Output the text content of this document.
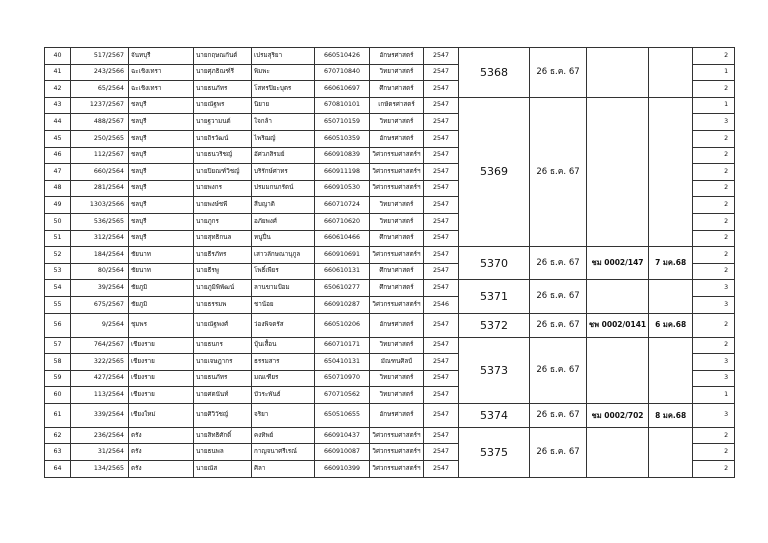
40	517/2567	จันทบุรี	นายกฤษณกันต์	เปรมสุริยา	660510426	อักษรศาสตร์	2547	5368	26 ธ.ค. 67			2
41	243/2566	ฉะเชิงเทรา	นายศุภธิณฑ์รี	พิมพะ	670710840	วิทยาศาสตร์	2547					1
42	65/2564	ฉะเชิงเทรา	นายธนภัทร	โสทรปิยะบุตร	660610697	ศึกษาศาสตร์	2547					2
43	1237/2567	ชลบุรี	นายณัฐพร	นิยาย	670810101	เกษัตรศาสตร์	2547	5369	26 ธ.ค. 67			1
44	488/2567	ชลบุรี	นายฐวามนต์	ใจกล้า	650710159	วิทยาศาสตร์	2547					3
45	250/2565	ชลบุรี	นายถิรวัฒน์	ไพริฌญ์	660510359	อักษรศาสตร์	2547					2
46	112/2567	ชลบุรี	นายธนวริชญ์	อัศวภสิรมย์	660910839	วิศวกรรมศาสตร์ฯ	2547					2
47	660/2564	ชลบุรี	นายปิยณฑ์วิชญ์	บริรักษ์ศาทร	660911198	วิศวกรรมศาสตร์ฯ	2547					2
48	281/2564	ชลบุรี	นายพงกร	ปรมมกนกรัตน์	660910530	วิศวกรรมศาสตร์ฯ	2547					2
49	1303/2566	ชลบุรี	นายพงษ์ชพี	สืบญาติ	660710724	วิทยาศาสตร์	2547					2
50	536/2565	ชลบุรี	นายภูกร	อภัยพงศ์	660710620	วิทยาศาสตร์	2547					2
51	312/2564	ชลบุรี	นายสุทธิกนล	หนูปื่น	660610466	ศึกษาศาสตร์	2547					2
52	184/2564	ชัยนาท	นายธีรภัทร	เสาวลักษณานุกูล	660910691	วิศวกรรมศาสตร์ฯ	2547	5370	26 ธ.ค. 67	ชม 0002/147	7 มค.68	2
53	80/2564	ชัยนาท	นายธีรพู	โพธิ์เพียร	660610131	ศึกษาศาสตร์	2547					2
54	39/2564	ชัยภูมิ	นายภูมิพิพัฒน์	ลานขามป้อม	650610277	ศึกษาศาสตร์	2547	5371	26 ธ.ค. 67			3
55	675/2567	ชัยภูมิ	นายธรรมพ	ชาน้อย	660910287	วิศวกรรมศาสตร์ฯ	2546					3
56	9/2564	ชุมพร	นายณัฐพงศ์	ว่องพิจตรัส	660510206	อักษรศาสตร์	2547	5372	26 ธ.ค. 67	ชพ 0002/0141	6 มค.68	2
57	764/2567	เชียงราย	นายธนกร	บุ้นเสื้อน	660710171	วิทยาศาสตร์	2547	5373	26 ธ.ค. 67			2
58	322/2565	เชียงราย	นายเจษฎากร	ธรรมสาร	650410131	มัณฑนศิลป์	2547					3
59	427/2564	เชียงราย	นายธนภัทร	มณเฑียร	650710970	วิทยาศาสตร์	2547					3
60	113/2564	เชียงราย	นายศตนันท์	บัวระพันธ์	670710562	วิทยาศาสตร์	2547					1
61	339/2564	เชียงใหม่	นายศิวิวัชญ์	จริยา	650510655	อักษรศาสตร์	2547	5374	26 ธ.ค. 67	ชม 0002/702	8 มค.68	3
62	236/2564	ตรัง	นายสิทธิศักดิ์	คงทิพย์	660910437	วิศวกรรมศาสตร์ฯ	2547	5375	26 ธ.ค. 67			2
63	31/2564	ตรัง	นายธนพล	กาญจนาศรีเรณ์	660910087	วิศวกรรมศาสตร์ฯ	2547					2
64	134/2565	ตรัง	นายณัส	ศิลา	660910399	วิศวกรรมศาสตร์ฯ	2547					2
